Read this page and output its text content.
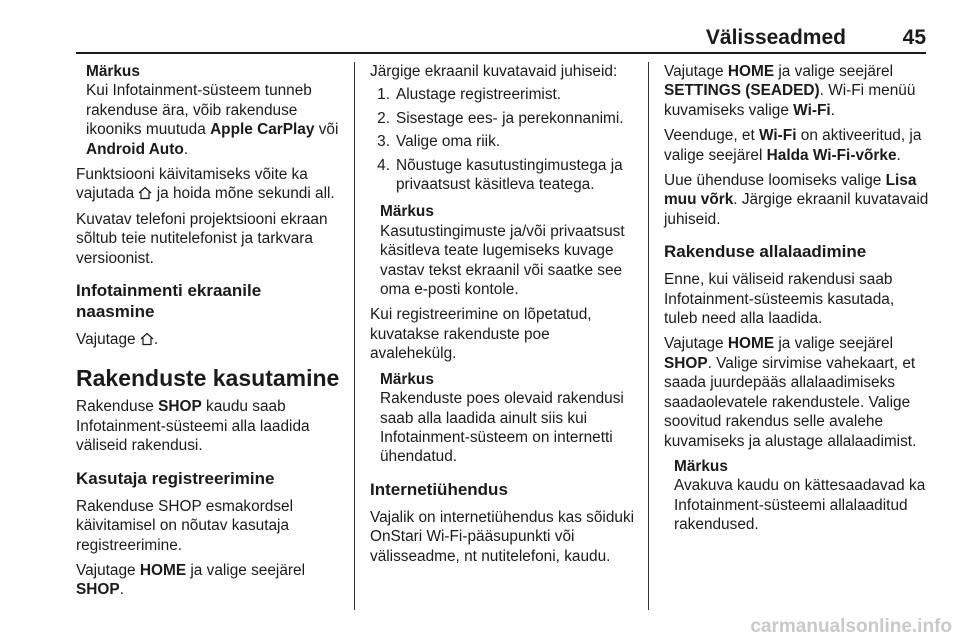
Välisseadmed	45
Märkus
Kui Infotainment-süsteem tunneb rakenduse ära, võib rakenduse ikooniks muutuda Apple CarPlay või Android Auto.

Funktsiooni käivitamiseks võite ka vajutada  ja hoida mõne sekundi all.

Kuvatav telefoni projektsiooni ekraan sõltub teie nutitelefonist ja tarkvara versioonist.

Infotainmenti ekraanile naasmine

Vajutage .

Rakenduste kasutamine

Rakenduse SHOP kaudu saab Infotainment-süsteemi alla laadida väliseid rakendusi.

Kasutaja registreerimine

Rakenduse SHOP esmakordsel käivitamisel on nõutav kasutaja registreerimine.

Vajutage HOME ja valige seejärel SHOP.

Järgige ekraanil kuvatavaid juhiseid:

1. Alustage registreerimist.
2. Sisestage ees- ja perekonnanimi.
3. Valige oma riik.
4. Nõustuge kasutustingimustega ja privaatsust käsitleva teatega.
Märkus
Kasutustingimuste ja/või privaatsust käsitleva teate lugemiseks kuvage vastav tekst ekraanil või saatke see oma e-posti kontole.

Kui registreerimine on lõpetatud, kuvatakse rakenduste poe avalehekülg.

Märkus
Rakenduste poes olevaid rakendusi saab alla laadida ainult siis kui Infotainment-süsteem on internetti ühendatud.
Internetiühendus

Vajalik on internetiühendus kas sõiduki OnStari Wi-Fi-pääsupunkti või välisseadme, nt nutitelefoni, kaudu.

Vajutage HOME ja valige seejärel SETTINGS (SEADED). Wi-Fi menüü kuvamiseks valige Wi-Fi.

Veenduge, et Wi-Fi on aktiveeritud, ja valige seejärel Halda Wi-Fi-võrke.

Uue ühenduse loomiseks valige Lisa muu võrk. Järgige ekraanil kuvatavaid juhiseid.

Rakenduse allalaadimine

Enne, kui väliseid rakendusi saab Infotainment-süsteemis kasutada, tuleb need alla laadida.

Vajutage HOME ja valige seejärel SHOP. Valige sirvimise vahekaart, et saada juurdepääs allalaadimiseks saadaolevatele rakendustele. Valige soovitud rakendus selle avalehe kuvamiseks ja alustage allalaadimist.

Märkus
Avakuva kaudu on kättesaadavad ka Infotainment-süsteemi allalaaditud rakendused.
carmanualsonline.info
